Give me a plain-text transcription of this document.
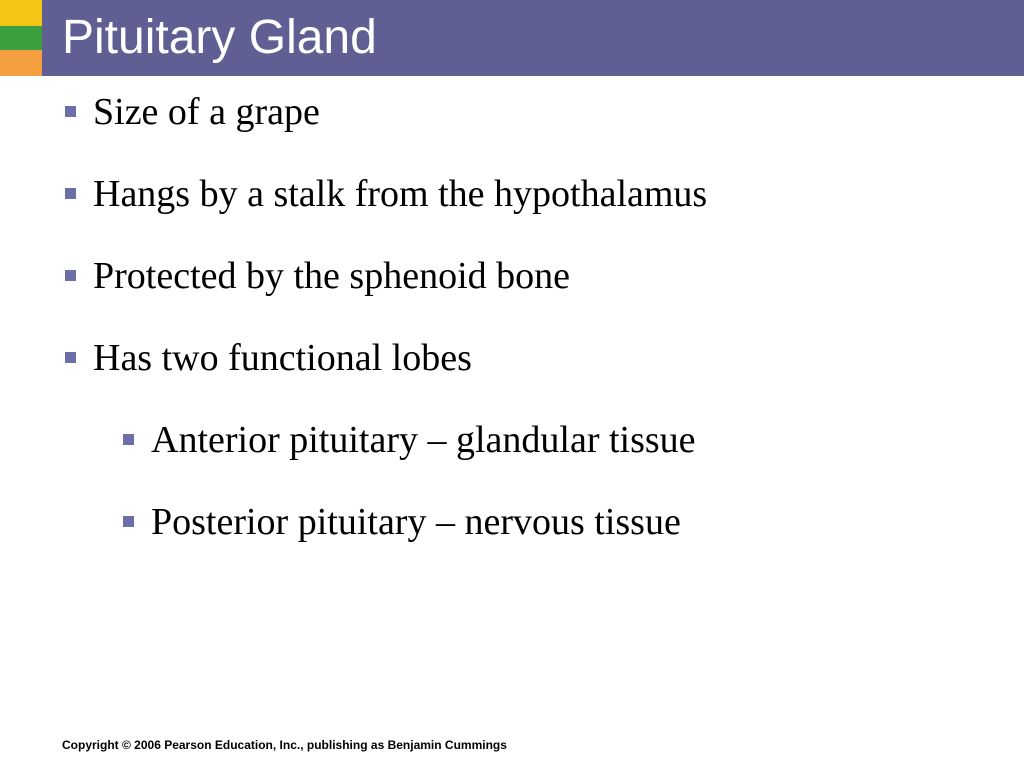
Pituitary Gland
Size of a grape
Hangs by a stalk from the hypothalamus
Protected by the sphenoid bone
Has two functional lobes
Anterior pituitary – glandular tissue
Posterior pituitary – nervous tissue
Copyright © 2006 Pearson Education, Inc., publishing as Benjamin Cummings
